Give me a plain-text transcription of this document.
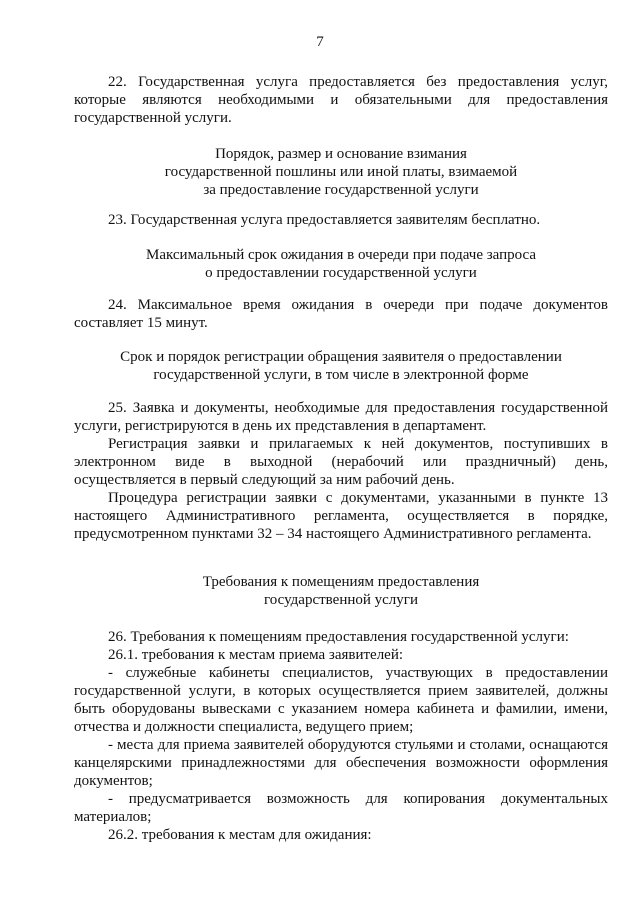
7

22. Государственная услуга предоставляется без предоставления услуг,

которые являются необходимыми и обязательными для предоставления

государственной услуги.

Порядок, размер и основание взимания

государственной пошлины или иной платы, взимаемой

за предоставление государственной услуги

23. Государственная услуга предоставляется заявителям бесплатно.

Максимальный срок ожидания в очереди при подаче запроса

о предоставлении государственной услуги

24. Максимальное время ожидания в очереди при подаче документов

составляет 15 минут.

Срок и порядок регистрации обращения заявителя о предоставлении

государственной услуги, в том числе в электронной форме

25. Заявка и документы, необходимые для предоставления государственной

услуги, регистрируются в день их представления в департамент.

Регистрация заявки и прилагаемых к ней документов, поступивших в

электронном виде в выходной (нерабочий или праздничный) день,

осуществляется в первый следующий за ним рабочий день.

Процедура регистрации заявки с документами, указанными в пункте 13

настоящего Административного регламента, осуществляется в порядке,

предусмотренном пунктами 32 – 34 настоящего Административного регламента.

Требования к помещениям предоставления

государственной услуги

26. Требования к помещениям предоставления государственной услуги:

26.1. требования к местам приема заявителей:

- служебные кабинеты специалистов, участвующих в предоставлении

государственной услуги, в которых осуществляется прием заявителей, должны

быть оборудованы вывесками с указанием номера кабинета и фамилии, имени,

отчества и должности специалиста, ведущего прием;

- места для приема заявителей оборудуются стульями и столами, оснащаются

канцелярскими принадлежностями для обеспечения возможности оформления

документов;

- предусматривается возможность для копирования документальных

материалов;

26.2. требования к местам для ожидания:
